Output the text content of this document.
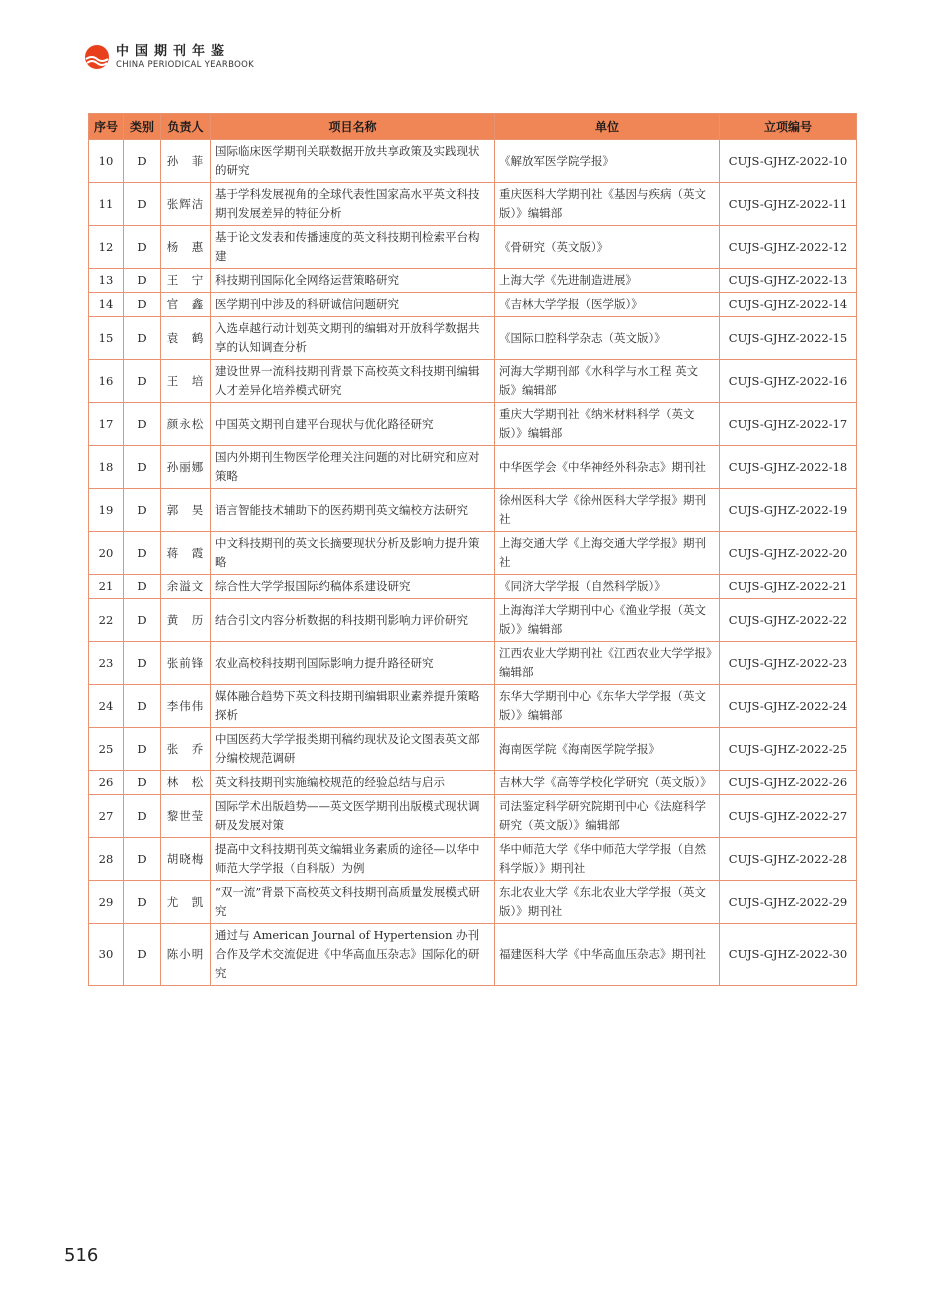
中国期刊年鉴
CHINA PERIODICAL YEARBOOK
序号	类别	负责人	项目名称	单位	立项编号
10	D	孙　菲	国际临床医学期刊关联数据开放共享政策及实践现状的研究	《解放军医学院学报》	CUJS-GJHZ-2022-10
11	D	张辉洁	基于学科发展视角的全球代表性国家高水平英文科技期刊发展差异的特征分析	重庆医科大学期刊社《基因与疾病（英文版）》编辑部	CUJS-GJHZ-2022-11
12	D	杨　惠	基于论文发表和传播速度的英文科技期刊检索平台构建	《骨研究（英文版）》	CUJS-GJHZ-2022-12
13	D	王　宁	科技期刊国际化全网络运营策略研究	上海大学《先进制造进展》	CUJS-GJHZ-2022-13
14	D	官　鑫	医学期刊中涉及的科研诚信问题研究	《吉林大学学报（医学版）》	CUJS-GJHZ-2022-14
15	D	袁　鹤	入选卓越行动计划英文期刊的编辑对开放科学数据共享的认知调查分析	《国际口腔科学杂志（英文版）》	CUJS-GJHZ-2022-15
16	D	王　培	建设世界一流科技期刊背景下高校英文科技期刊编辑人才差异化培养模式研究	河海大学期刊部《水科学与水工程 英文版》编辑部	CUJS-GJHZ-2022-16
17	D	颜永松	中国英文期刊自建平台现状与优化路径研究	重庆大学期刊社《纳米材料科学（英文版）》编辑部	CUJS-GJHZ-2022-17
18	D	孙丽娜	国内外期刊生物医学伦理关注问题的对比研究和应对策略	中华医学会《中华神经外科杂志》期刊社	CUJS-GJHZ-2022-18
19	D	郭　昊	语言智能技术辅助下的医药期刊英文编校方法研究	徐州医科大学《徐州医科大学学报》期刊社	CUJS-GJHZ-2022-19
20	D	蒋　霞	中文科技期刊的英文长摘要现状分析及影响力提升策略	上海交通大学《上海交通大学学报》期刊社	CUJS-GJHZ-2022-20
21	D	余溢文	综合性大学学报国际约稿体系建设研究	《同济大学学报（自然科学版）》	CUJS-GJHZ-2022-21
22	D	黄　历	结合引文内容分析数据的科技期刊影响力评价研究	上海海洋大学期刊中心《渔业学报（英文版）》编辑部	CUJS-GJHZ-2022-22
23	D	张前锋	农业高校科技期刊国际影响力提升路径研究	江西农业大学期刊社《江西农业大学学报》编辑部	CUJS-GJHZ-2022-23
24	D	李伟伟	媒体融合趋势下英文科技期刊编辑职业素养提升策略探析	东华大学期刊中心《东华大学学报（英文版）》编辑部	CUJS-GJHZ-2022-24
25	D	张　乔	中国医药大学学报类期刊稿约现状及论文图表英文部分编校规范调研	海南医学院《海南医学院学报》	CUJS-GJHZ-2022-25
26	D	林　松	英文科技期刊实施编校规范的经验总结与启示	吉林大学《高等学校化学研究（英文版）》	CUJS-GJHZ-2022-26
27	D	黎世莹	国际学术出版趋势——英文医学期刊出版模式现状调研及发展对策	司法鉴定科学研究院期刊中心《法庭科学研究（英文版）》编辑部	CUJS-GJHZ-2022-27
28	D	胡晓梅	提高中文科技期刊英文编辑业务素质的途径—以华中师范大学学报（自科版）为例	华中师范大学《华中师范大学学报（自然科学版）》期刊社	CUJS-GJHZ-2022-28
29	D	尤　凯	“双一流”背景下高校英文科技期刊高质量发展模式研究	东北农业大学《东北农业大学学报（英文版）》期刊社	CUJS-GJHZ-2022-29
30	D	陈小明	通过与 American Journal of Hypertension 办刊合作及学术交流促进《中华高血压杂志》国际化的研究	福建医科大学《中华高血压杂志》期刊社	CUJS-GJHZ-2022-30
516
